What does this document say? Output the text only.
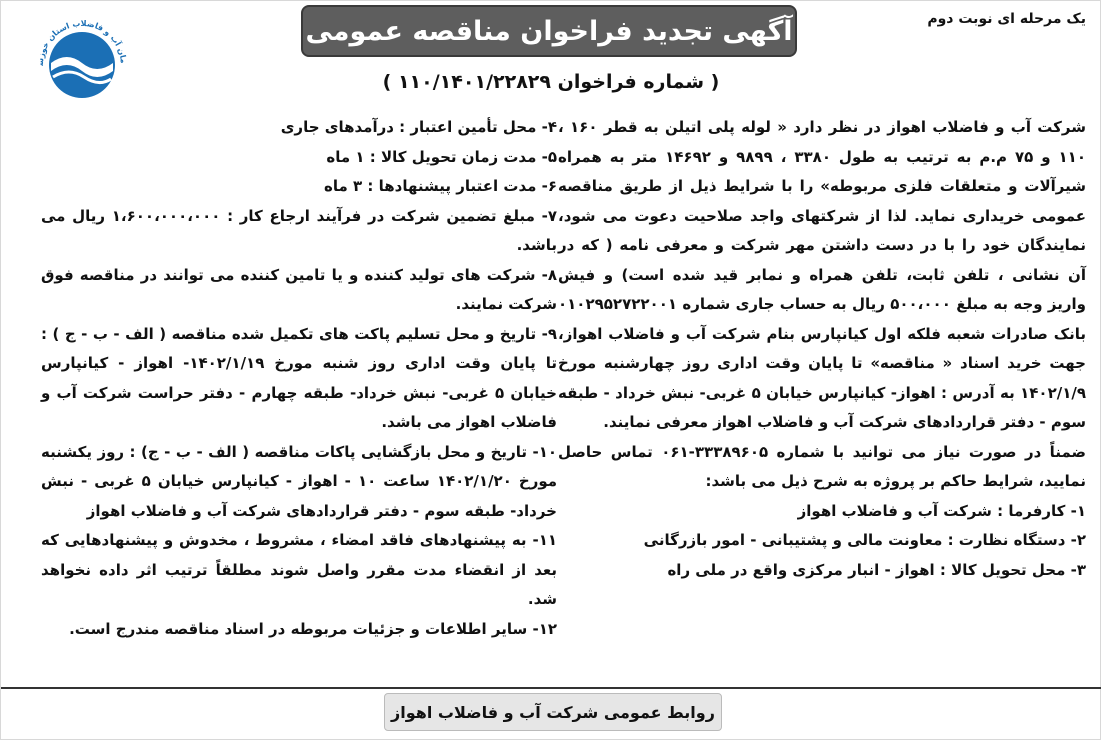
یک مرحله ای نوبت دوم
آگهی تجدید فراخوان مناقصه عمومی
مان آب و فاضلاب استان خوزس
( شماره فراخوان ۱۱۰/۱۴۰۱/۲۲۸۲۹ )

شرکت آب و فاضلاب اهواز در نظر دارد « لوله پلی اتیلن به قطر ۱۶۰ ، ۱۱۰ و ۷۵ م.م به ترتیب به طول ۳۳۸۰ ، ۹۸۹۹ و ۱۴۶۹۲ متر به همراه شیرآلات و متعلقات فلزی مربوطه» را با شرایط ذیل از طریق مناقصه عمومی خریداری نماید. لذا از شرکتهای واجد صلاحیت دعوت می شود، نمایندگان خود را با در دست داشتن مهر شرکت و معرفی نامه ( که در آن نشانی ، تلفن ثابت، تلفن همراه و نمابر قید شده است) و فیش واریز وجه به مبلغ ۵۰۰،۰۰۰ ریال به حساب جاری شماره ۰۱۰۲۹۵۲۷۲۲۰۰۱ بانک صادرات شعبه فلکه اول کیانپارس بنام شرکت آب و فاضلاب اهواز، جهت خرید اسناد « مناقصه» تا پایان وقت اداری روز چهارشنبه مورخ ۱۴۰۲/۱/۹ به آدرس : اهواز- کیانپارس خیابان ۵ غربی- نبش خرداد - طبقه سوم - دفتر قراردادهای شرکت آب و فاضلاب اهواز معرفی نمایند.

ضمناً در صورت نیاز می توانید با شماره ۳۳۳۸۹۶۰۵-۰۶۱ تماس حاصل نمایید، شرایط حاکم بر پروژه به شرح ذیل می باشد:

۱- کارفرما : شرکت آب و فاضلاب اهواز

۲- دستگاه نظارت : معاونت مالی و پشتیبانی - امور بازرگانی

۳- محل تحویل کالا : اهواز - انبار مرکزی واقع در ملی راه

۴- محل تأمین اعتبار : درآمدهای جاری

۵- مدت زمان تحویل کالا : ۱ ماه

۶- مدت اعتبار پیشنهادها : ۳ ماه

۷- مبلغ تضمین شرکت در فرآیند ارجاع کار : ۱،۶۰۰،۰۰۰،۰۰۰ ریال می باشد.

۸- شرکت های تولید کننده و یا تامین کننده می توانند در مناقصه فوق شرکت نمایند.

۹- تاریخ و محل تسلیم پاکت های تکمیل شده مناقصه ( الف - ب - ج ) : تا پایان وقت اداری روز شنبه مورخ ۱۴۰۲/۱/۱۹- اهواز - کیانپارس خیابان ۵ غربی- نبش خرداد- طبقه چهارم - دفتر حراست شرکت آب و فاضلاب اهواز می باشد.

۱۰- تاریخ و محل بازگشایی پاکات مناقصه ( الف - ب - ج) : روز یکشنبه مورخ ۱۴۰۲/۱/۲۰ ساعت ۱۰ - اهواز - کیانپارس خیابان ۵ غربی - نبش خرداد- طبقه سوم - دفتر قراردادهای شرکت آب و فاضلاب اهواز

۱۱- به پیشنهادهای فاقد امضاء ، مشروط ، مخدوش و پیشنهادهایی که بعد از انقضاء مدت مقرر واصل شوند مطلقاً ترتیب اثر داده نخواهد شد.

۱۲- سایر اطلاعات و جزئیات مربوطه در اسناد مناقصه مندرج است.

روابط عمومی شرکت آب و فاضلاب اهواز
